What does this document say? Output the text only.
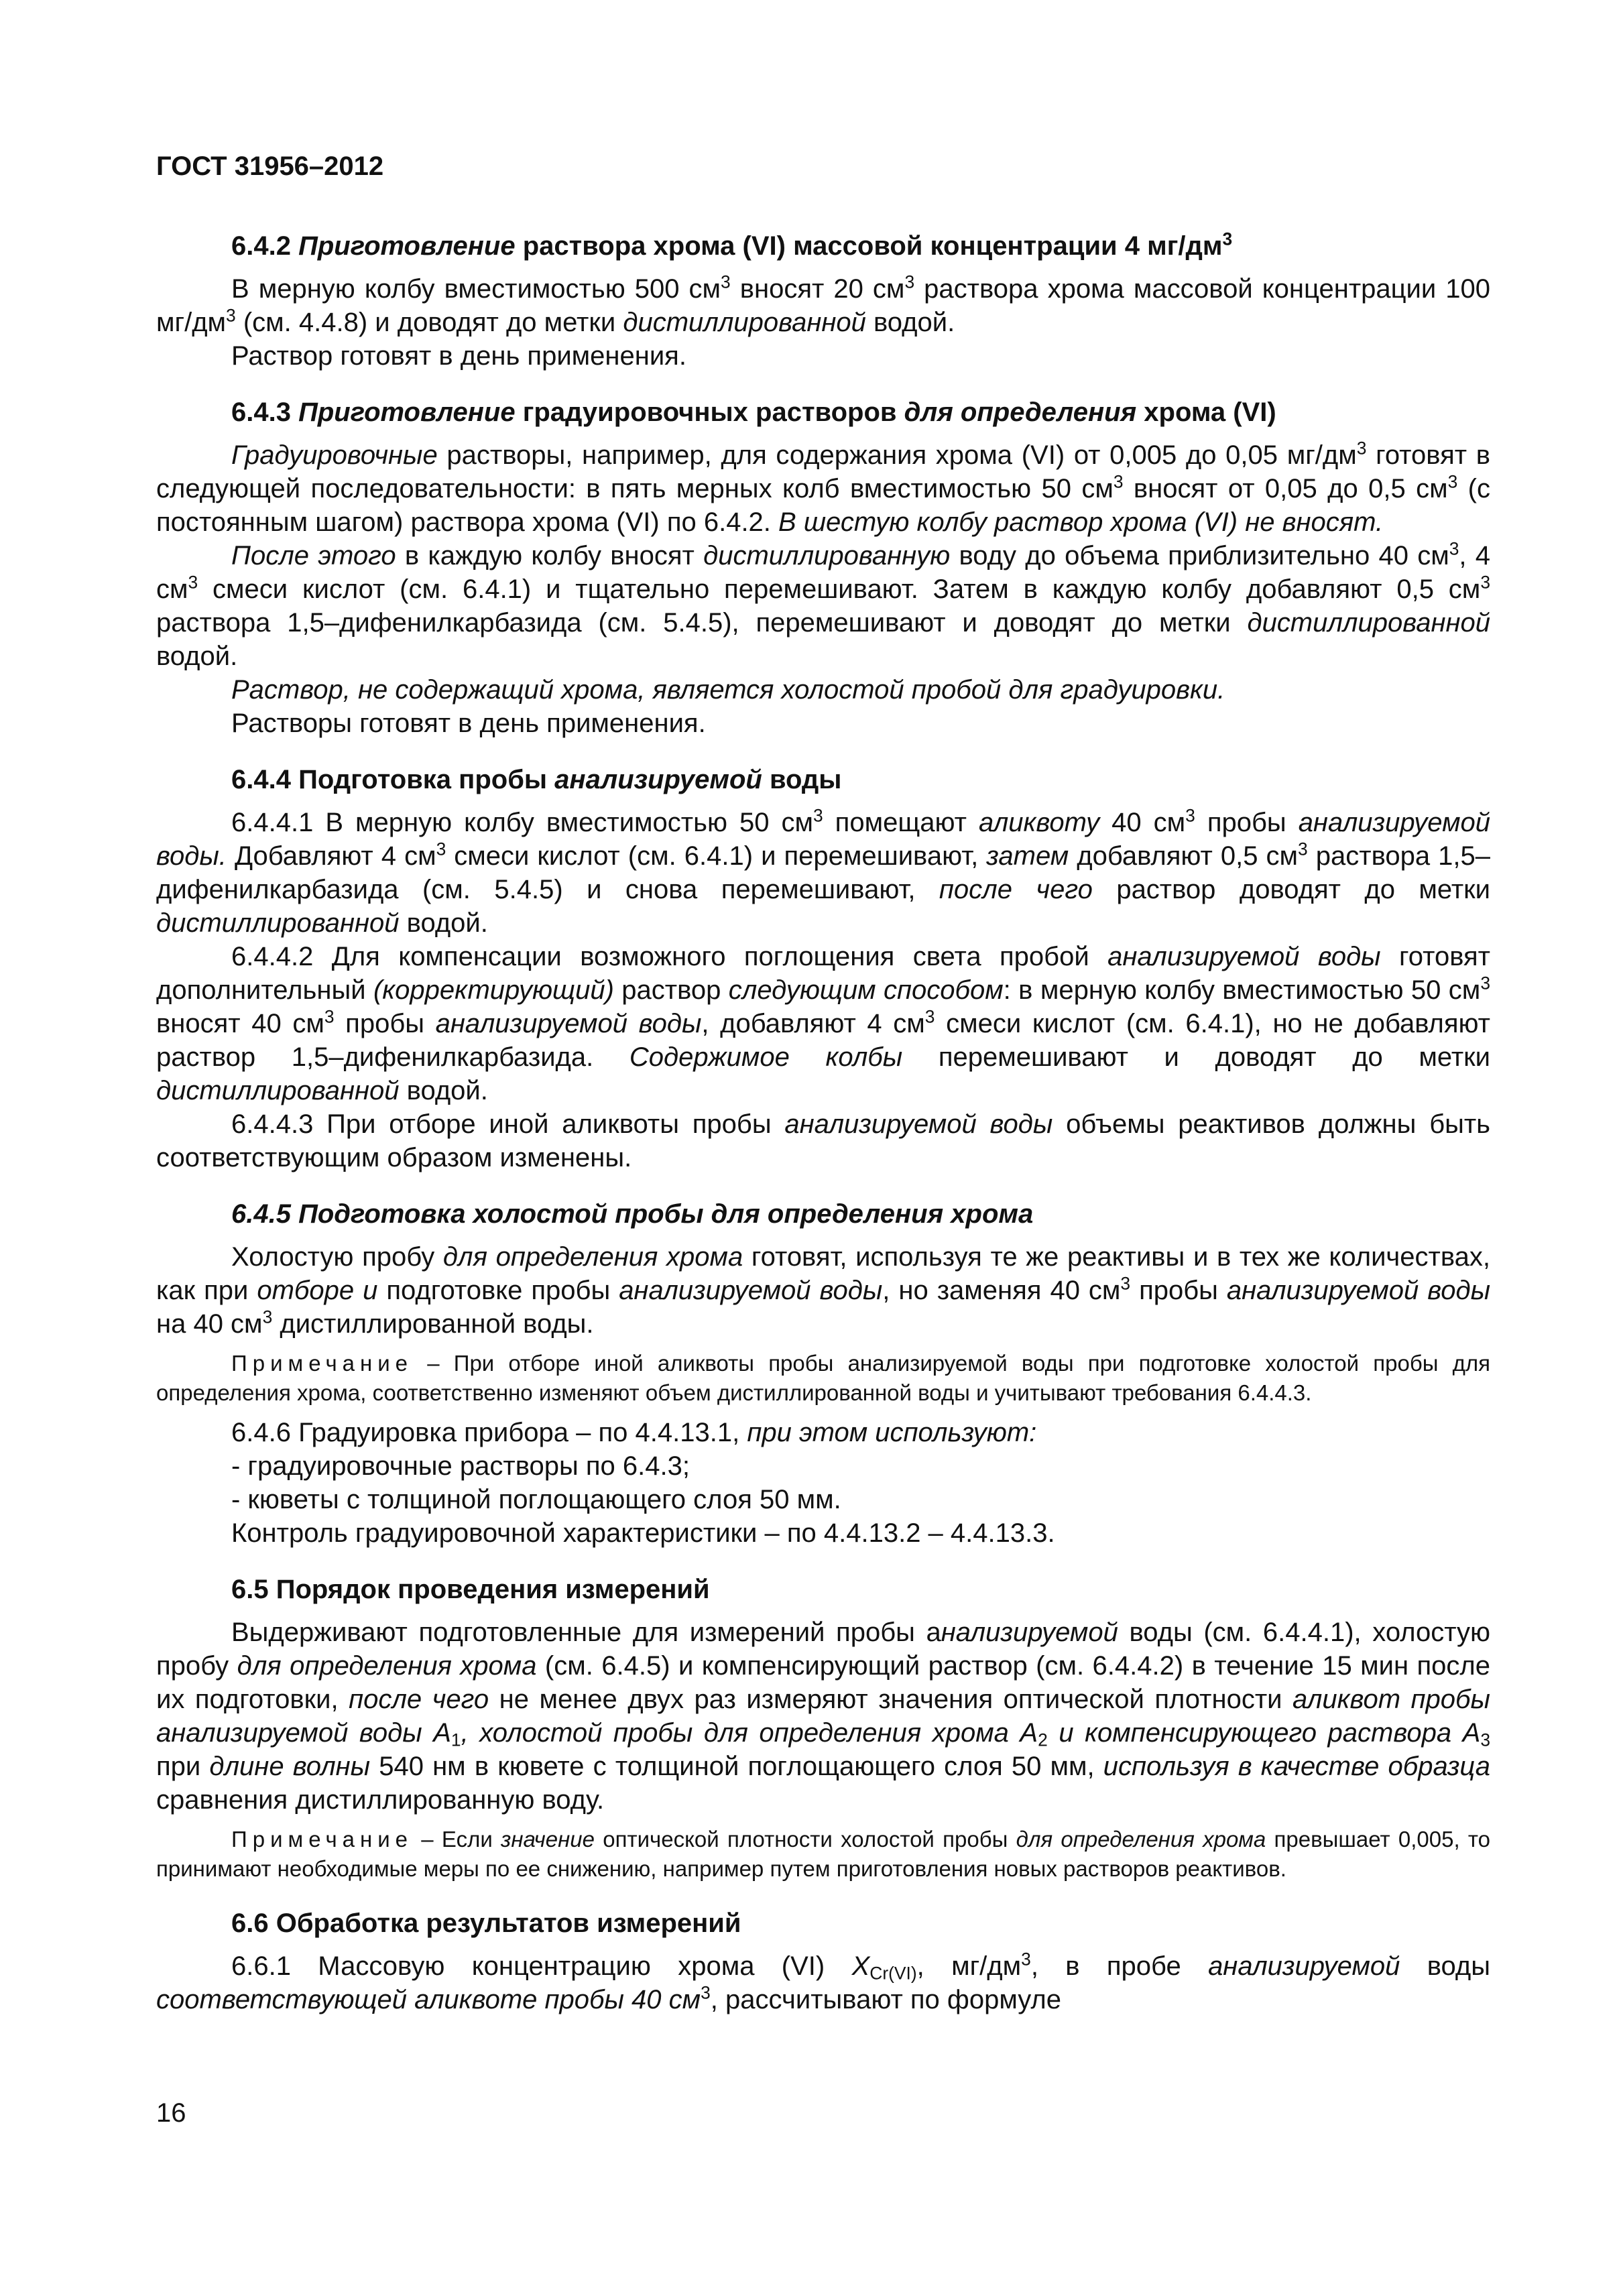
ГОСТ 31956–2012
6.4.2 Приготовление раствора хрома (VI) массовой концентрации 4 $мг/дм^3$

В мерную колбу вместимостью 500 $см^3$ вносят 20 $см^3$ раствора хрома массовой концентрации 100 $мг/дм^3$ (см. 4.4.8) и доводят до метки дистиллированной водой.

Раствор готовят в день применения.

6.4.3 Приготовление градуировочных растворов для определения хрома (VI)

Градуировочные растворы, например, для содержания хрома (VI) от 0,005 до 0,05 $мг/дм^3$ готовят в следующей последовательности: в пять мерных колб вместимостью 50 $см^3$ вносят от 0,05 до 0,5 $см^3$ (с постоянным шагом) раствора хрома (VI) по 6.4.2. В шестую колбу раствор хрома (VI) не вносят.

После этого в каждую колбу вносят дистиллированную воду до объема приблизительно 40 $см^3$, 4 $см^3$ смеси кислот (см. 6.4.1) и тщательно перемешивают. Затем в каждую колбу добавляют 0,5 $см^3$ раствора 1,5–дифенилкарбазида (см. 5.4.5), перемешивают и доводят до метки дистиллированной водой.

Раствор, не содержащий хрома, является холостой пробой для градуировки.

Растворы готовят в день применения.

6.4.4 Подготовка пробы анализируемой воды

6.4.4.1 В мерную колбу вместимостью 50 $см^3$ помещают аликвоту 40 $см^3$ пробы анализируемой воды. Добавляют 4 $см^3$ смеси кислот (см. 6.4.1) и перемешивают, затем добавляют 0,5 $см^3$ раствора 1,5–дифенилкарбазида (см. 5.4.5) и снова перемешивают, после чего раствор доводят до метки дистиллированной водой.

6.4.4.2 Для компенсации возможного поглощения света пробой анализируемой воды готовят дополнительный (корректирующий) раствор следующим способом: в мерную колбу вместимостью 50 $см^3$ вносят 40 $см^3$ пробы анализируемой воды, добавляют 4 $см^3$ смеси кислот (см. 6.4.1), но не добавляют раствор 1,5–дифенилкарбазида. Содержимое колбы перемешивают и доводят до метки дистиллированной водой.

6.4.4.3 При отборе иной аликвоты пробы анализируемой воды объемы реактивов должны быть соответствующим образом изменены.

6.4.5 Подготовка холостой пробы для определения хрома

Холостую пробу для определения хрома готовят, используя те же реактивы и в тех же количествах, как при отборе и подготовке пробы анализируемой воды, но заменяя 40 $см^3$ пробы анализируемой воды на 40 $см^3$ дистиллированной воды.

Примечание – При отборе иной аликвоты пробы анализируемой воды при подготовке холостой пробы для определения хрома, соответственно изменяют объем дистиллированной воды и учитывают требования 6.4.4.3.

6.4.6 Градуировка прибора – по 4.4.13.1, при этом используют:

- градуировочные растворы по 6.4.3;

- кюветы с толщиной поглощающего слоя 50 мм.

Контроль градуировочной характеристики – по 4.4.13.2 – 4.4.13.3.

6.5 Порядок проведения измерений

Выдерживают подготовленные для измерений пробы анализируемой воды (см. 6.4.4.1), холостую пробу для определения хрома (см. 6.4.5) и компенсирующий раствор (см. 6.4.4.2) в течение 15 мин после их подготовки, после чего не менее двух раз измеряют значения оптической плотности аликвот пробы анализируемой воды $A_1$, холостой пробы для определения хрома $A_2$ и компенсирующего раствора $A_3$ при длине волны 540 нм в кювете с толщиной поглощающего слоя 50 мм, используя в качестве образца сравнения дистиллированную воду.

Примечание – Если значение оптической плотности холостой пробы для определения хрома превышает 0,005, то принимают необходимые меры по ее снижению, например путем приготовления новых растворов реактивов.
6.6 Обработка результатов измерений

6.6.1 Массовую концентрацию хрома (VI) $X_{Cr(VI)}$, $мг/дм^3$, в пробе анализируемой воды соответствующей аликвоте пробы 40 $см^3$, рассчитывают по формуле

16
